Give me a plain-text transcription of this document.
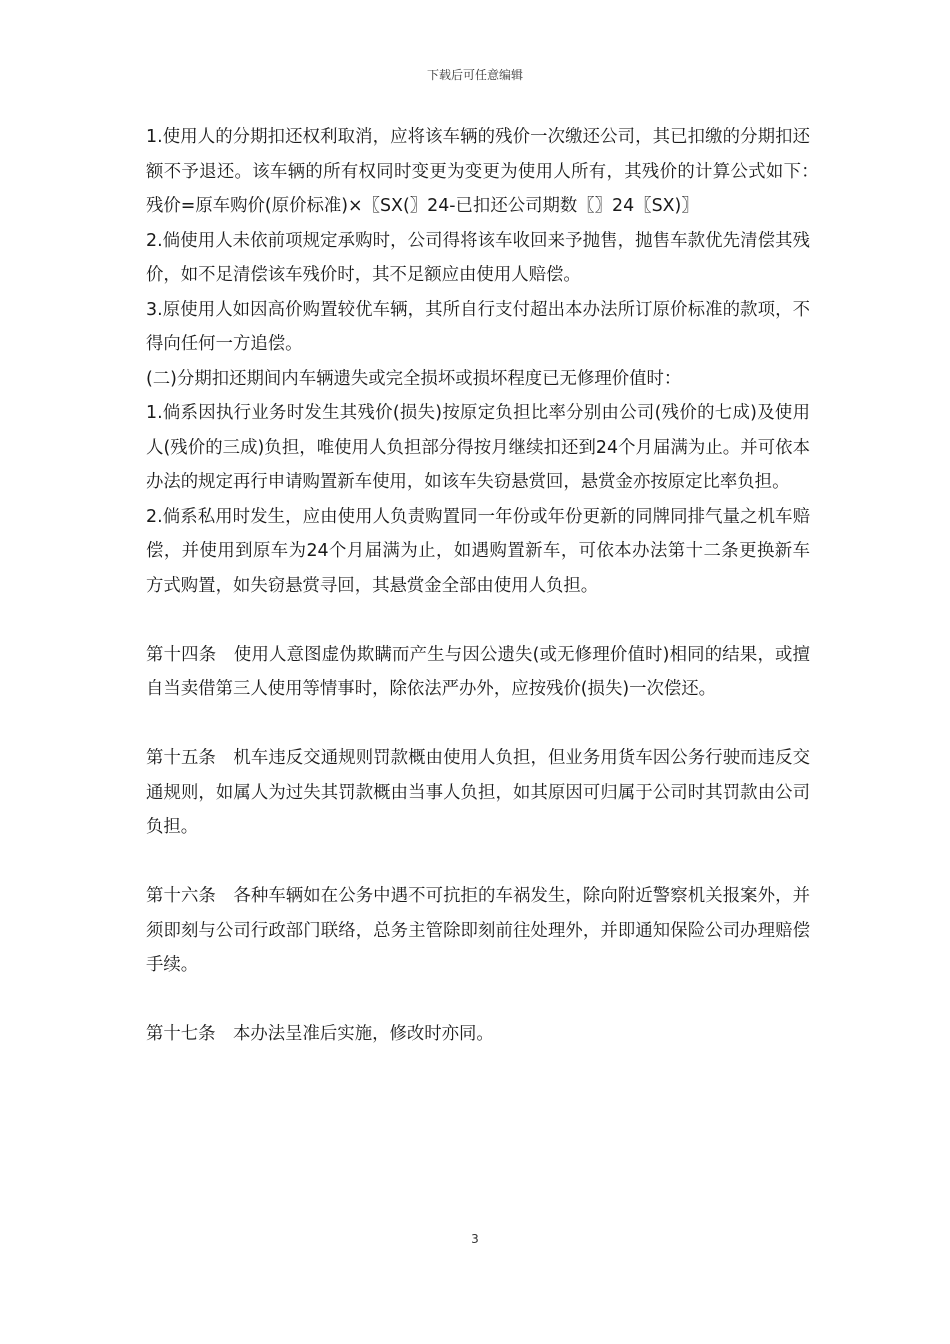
下载后可任意编辑

1.使用人的分期扣还权利取消，应将该车辆的残价一次缴还公司，其已扣缴的分期扣还额不予退还。该车辆的所有权同时变更为变更为使用人所有，其残价的计算公式如下：　残价=原车购价(原价标准)×〖SX(〗24-已扣还公司期数〖〗24〖SX)〗

2.倘使用人未依前项规定承购时，公司得将该车收回来予抛售，抛售车款优先清偿其残价，如不足清偿该车残价时，其不足额应由使用人赔偿。

3.原使用人如因高价购置较优车辆，其所自行支付超出本办法所订原价标准的款项，不得向任何一方追偿。

(二)分期扣还期间内车辆遗失或完全损坏或损坏程度已无修理价值时：

1.倘系因执行业务时发生其残价(损失)按原定负担比率分别由公司(残价的七成)及使用人(残价的三成)负担，唯使用人负担部分得按月继续扣还到24个月届满为止。并可依本办法的规定再行申请购置新车使用，如该车失窃悬赏回，悬赏金亦按原定比率负担。

2.倘系私用时发生，应由使用人负责购置同一年份或年份更新的同牌同排气量之机车赔偿，并使用到原车为24个月届满为止，如遇购置新车，可依本办法第十二条更换新车方式购置，如失窃悬赏寻回，其悬赏金全部由使用人负担。

第十四条　使用人意图虚伪欺瞒而产生与因公遗失(或无修理价值时)相同的结果，或擅自当卖借第三人使用等情事时，除依法严办外，应按残价(损失)一次偿还。

第十五条　机车违反交通规则罚款概由使用人负担，但业务用货车因公务行驶而违反交通规则，如属人为过失其罚款概由当事人负担，如其原因可归属于公司时其罚款由公司负担。

第十六条　各种车辆如在公务中遇不可抗拒的车祸发生，除向附近警察机关报案外，并须即刻与公司行政部门联络，总务主管除即刻前往处理外，并即通知保险公司办理赔偿手续。

第十七条　本办法呈准后实施，修改时亦同。

3
